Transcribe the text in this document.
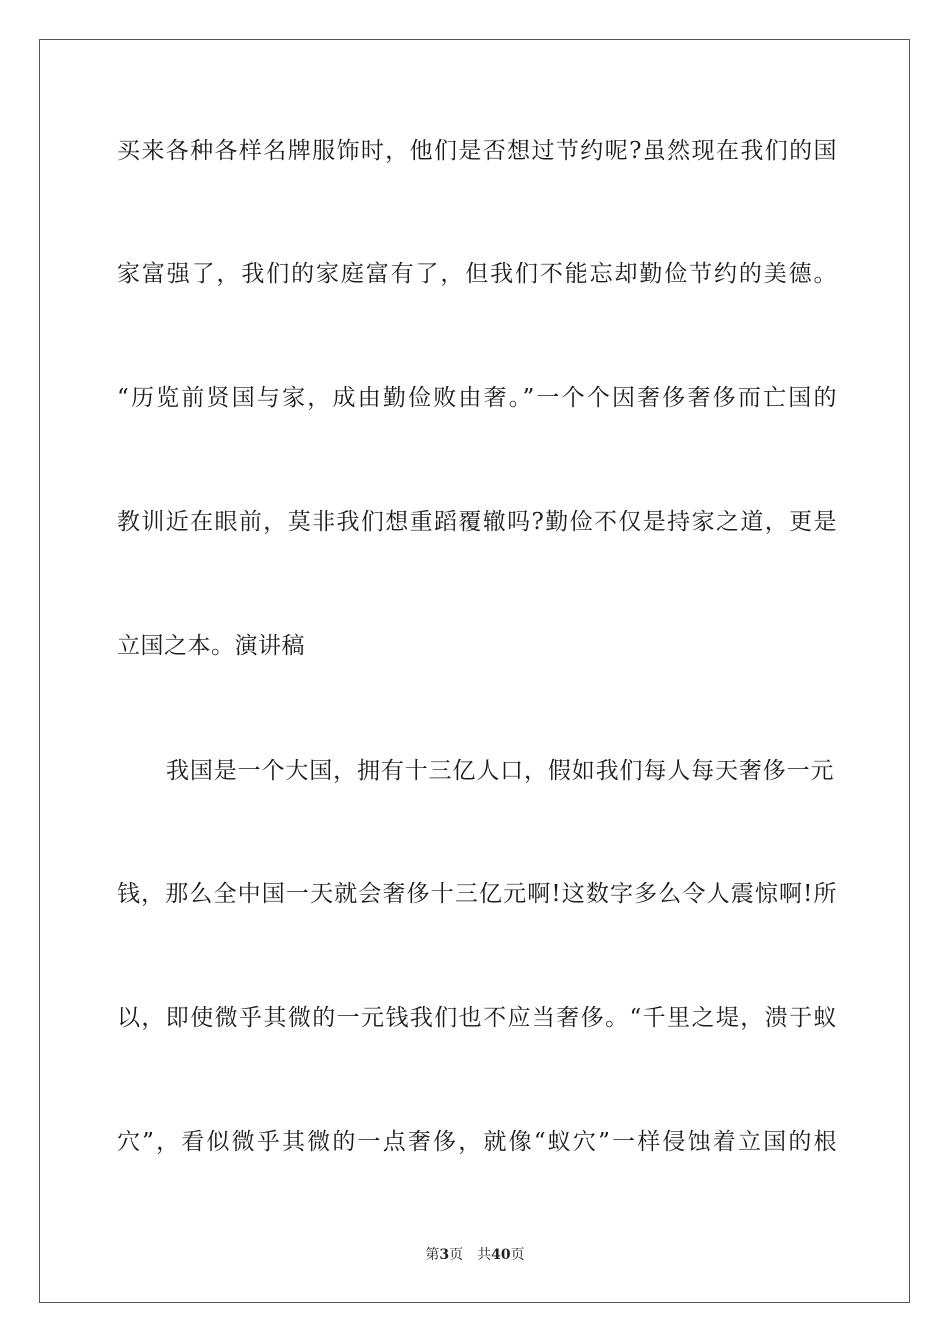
买来各种各样名牌服饰时，他们是否想过节约呢?虽然现在我们的国
家富强了，我们的家庭富有了，但我们不能忘却勤俭节约的美德。
“历览前贤国与家，成由勤俭败由奢。”一个个因奢侈奢侈而亡国的
教训近在眼前，莫非我们想重蹈覆辙吗?勤俭不仅是持家之道，更是
立国之本。演讲稿
我国是一个大国，拥有十三亿人口，假如我们每人每天奢侈一元
钱，那么全中国一天就会奢侈十三亿元啊!这数字多么令人震惊啊!所
以，即使微乎其微的一元钱我们也不应当奢侈。“千里之堤，溃于蚁
穴”，看似微乎其微的一点奢侈，就像“蚁穴”一样侵蚀着立国的根
第3页 共40页
